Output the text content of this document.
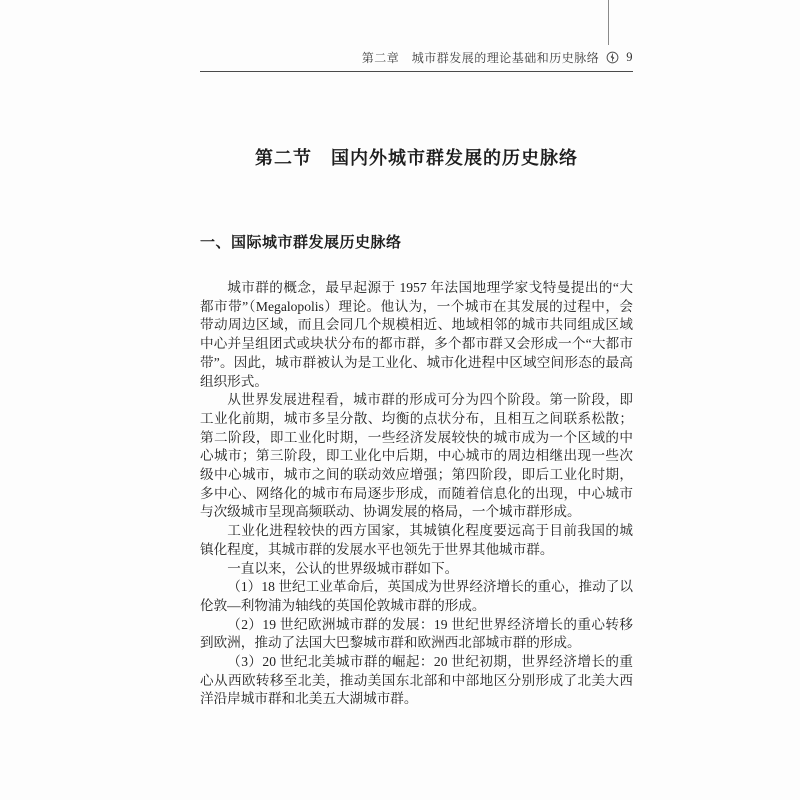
第二章　城市群发展的理论基础和历史脉络 9
第二节　国内外城市群发展的历史脉络
一、国际城市群发展历史脉络

城市群的概念，最早起源于 1957 年法国地理学家戈特曼提出的“大都市带”（Megalopolis）理论。他认为，一个城市在其发展的过程中，会带动周边区域，而且会同几个规模相近、地域相邻的城市共同组成区域中心并呈组团式或块状分布的都市群，多个都市群又会形成一个“大都市带”。因此，城市群被认为是工业化、城市化进程中区域空间形态的最高组织形式。

从世界发展进程看，城市群的形成可分为四个阶段。第一阶段，即工业化前期，城市多呈分散、均衡的点状分布，且相互之间联系松散；第二阶段，即工业化时期，一些经济发展较快的城市成为一个区域的中心城市；第三阶段，即工业化中后期，中心城市的周边相继出现一些次级中心城市，城市之间的联动效应增强；第四阶段，即后工业化时期，多中心、网络化的城市布局逐步形成，而随着信息化的出现，中心城市与次级城市呈现高频联动、协调发展的格局，一个城市群形成。

工业化进程较快的西方国家，其城镇化程度要远高于目前我国的城镇化程度，其城市群的发展水平也领先于世界其他城市群。

一直以来，公认的世界级城市群如下。

（1）18 世纪工业革命后，英国成为世界经济增长的重心，推动了以伦敦—利物浦为轴线的英国伦敦城市群的形成。

（2）19 世纪欧洲城市群的发展：19 世纪世界经济增长的重心转移到欧洲，推动了法国大巴黎城市群和欧洲西北部城市群的形成。

（3）20 世纪北美城市群的崛起：20 世纪初期，世界经济增长的重心从西欧转移至北美，推动美国东北部和中部地区分别形成了北美大西洋沿岸城市群和北美五大湖城市群。
